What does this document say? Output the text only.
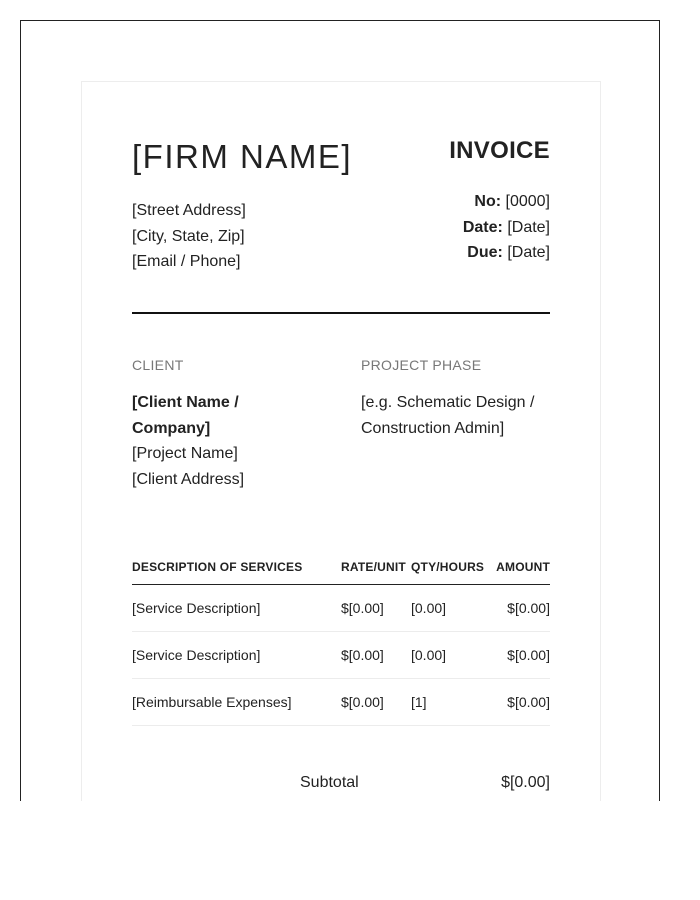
[FIRM NAME]	INVOICE
[Street Address]
[City, State, Zip]
[Email / Phone]
No: [0000]
Date: [Date]
Due: [Date]
CLIENT	PROJECT PHASE
[Client Name /
Company]
[Project Name]
[Client Address]
[e.g. Schematic Design /
Construction Admin]
DESCRIPTION OF SERVICES	RATE/UNIT QTY/HOURS AMOUNT
[Service Description]	$[0.00] [0.00]	$[0.00]
[Service Description]	$[0.00] [0.00]	$[0.00]
[Reimbursable Expenses]	$[0.00] [1]	$[0.00]
Subtotal	$[0.00]
